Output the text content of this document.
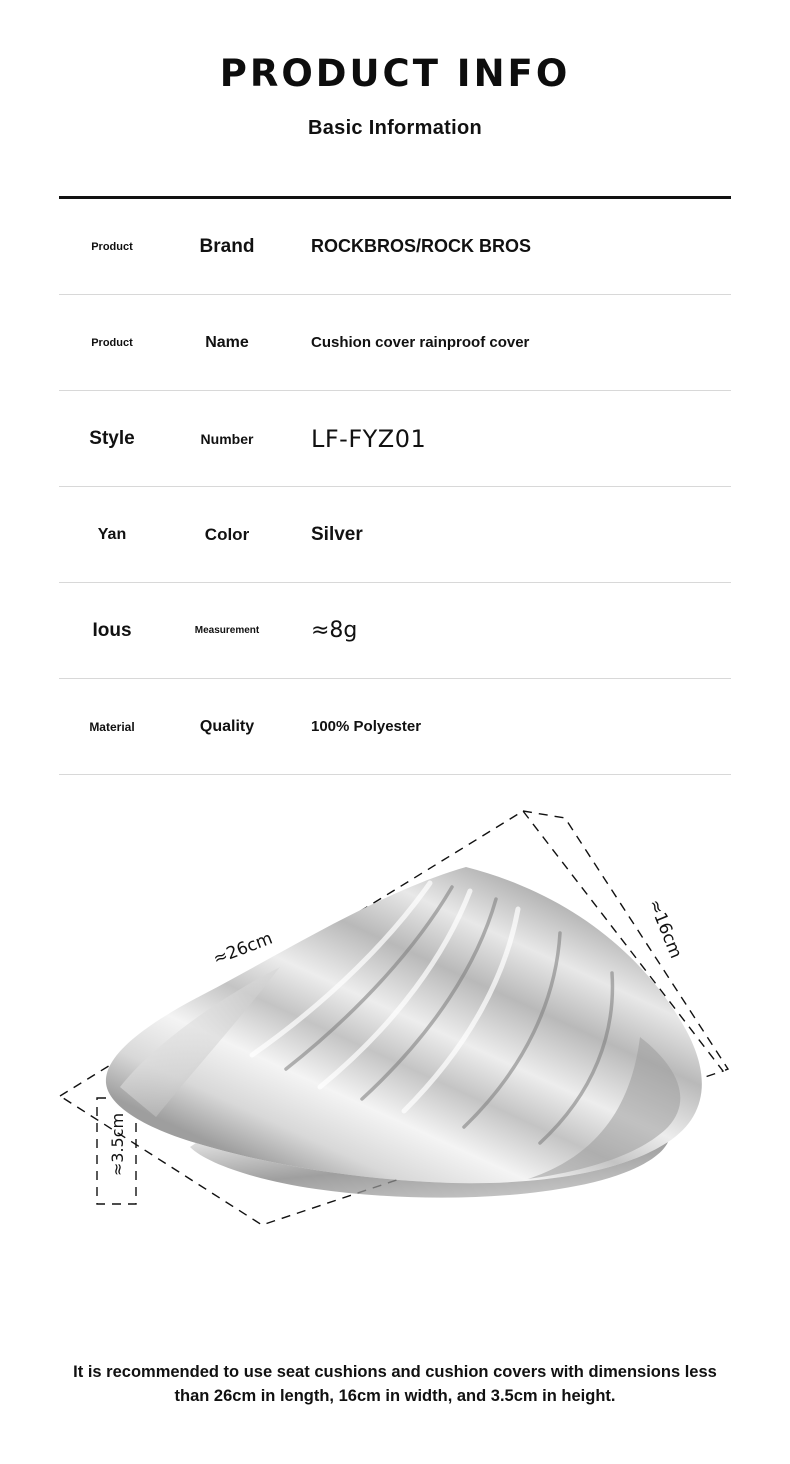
PRODUCT INFO
Basic Information
Product	Brand	ROCKBROS/ROCK BROS
Product	Name	Cushion cover rainproof cover
Style	Number	LF-FYZ01
Yan	Color	Silver
Ious	Measurement	≈8g
Material	Quality	100% Polyester
≈26cm	≈16cm
≈3.5cm
It is recommended to use seat cushions and cushion covers with dimensions less than 26cm in length, 16cm in width, and 3.5cm in height.
